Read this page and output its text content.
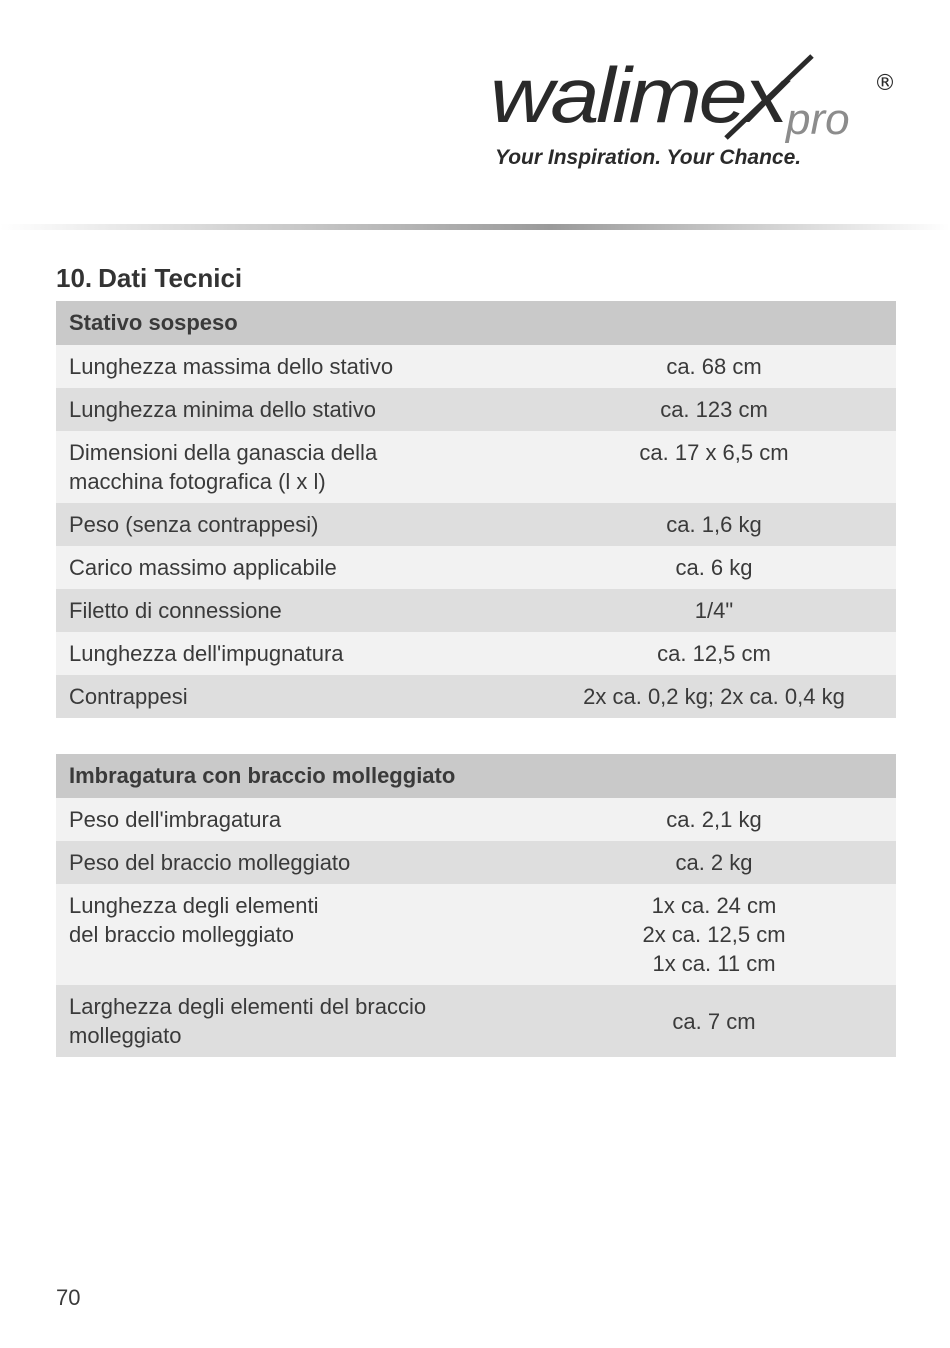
walimex
pro
®
Your Inspiration. Your Chance.
10. Dati Tecnici
Stativo sospeso	
Lunghezza massima dello stativo	ca. 68 cm
Lunghezza minima dello stativo	ca. 123 cm
Dimensioni della ganascia della
macchina fotografica (l x l)	ca. 17 x 6,5 cm
Peso (senza contrappesi)	ca. 1,6 kg
Carico massimo applicabile	ca. 6 kg
Filetto di connessione	1/4"
Lunghezza dell'impugnatura	ca. 12,5 cm
Contrappesi	2x ca. 0,2 kg; 2x ca. 0,4 kg
Imbragatura con braccio molleggiato	
Peso dell'imbragatura	ca. 2,1 kg
Peso del braccio molleggiato	ca. 2 kg
Lunghezza degli elementi
del braccio molleggiato	1x ca. 24 cm
2x ca. 12,5 cm
1x ca. 11 cm

Larghezza degli elementi del braccio
molleggiato	ca. 7 cm
70
